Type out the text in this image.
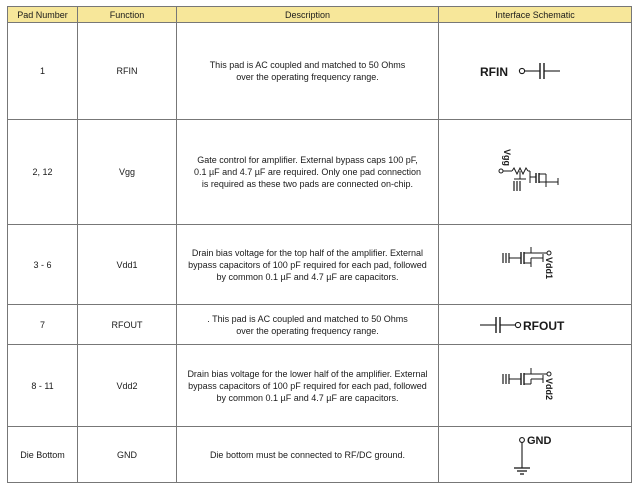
Pad Number	Function	Description	Interface Schematic
1	RFIN	This pad is AC coupled and matched to 50 Ohms over the operating frequency range.	RFIN

2, 12	Vgg	Gate control for amplifier. External bypass caps 100 pF, 0.1 µF and 4.7 µF are required. Only one pad connection is required as these two pads are connected on-chip.	Vgg

3 - 6	Vdd1	Drain bias voltage for the top half of the amplifier. External bypass capacitors of 100 pF required for each pad, followed by common 0.1 µF and 4.7 µF are capacitors.	Vdd1

7	RFOUT	. This pad is AC coupled and matched to 50 Ohms over the operating frequency range.	RFOUT

8 - 11	Vdd2	Drain bias voltage for the lower half of the amplifier. External bypass capacitors of 100 pF required for each pad, followed by common 0.1 µF and 4.7 µF are capacitors.	Vdd2

Die Bottom	GND	Die bottom must be connected to RF/DC ground.	GND
